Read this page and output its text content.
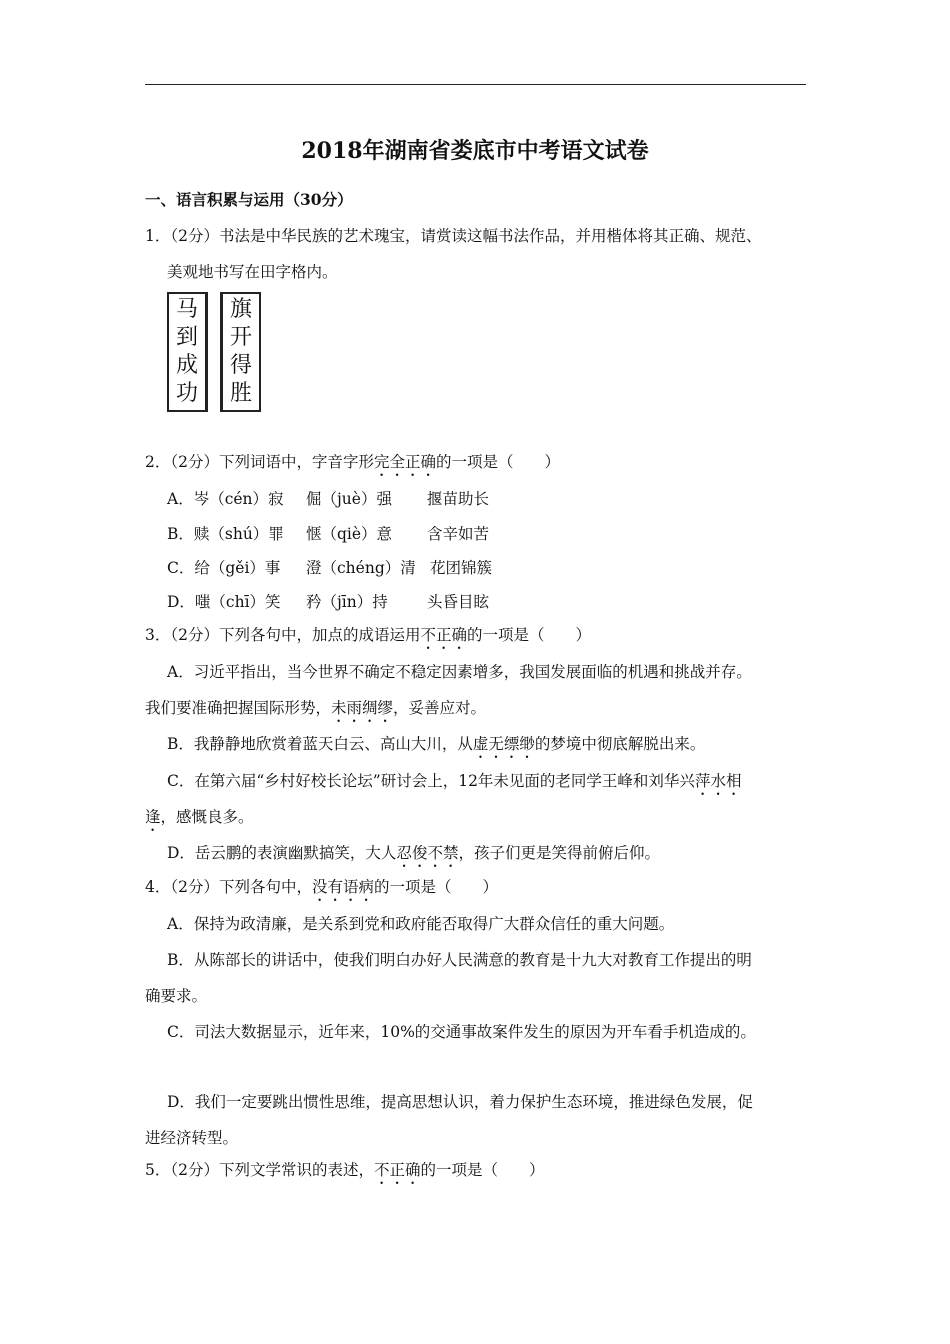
2018年湖南省娄底市中考语文试卷
一、语言积累与运用（30分）
1．（2分）书法是中华民族的艺术瑰宝，请赏读这幅书法作品，并用楷体将其正确、规范、
美观地书写在田字格内。
马
到
成
功
旗
开
得
胜
2．（2分）下列词语中，字音字形完全正确的一项是（　　）
A．岑（cén）寂 倔（juè）强 揠苗助长
B．赎（shú）罪 惬（qiè）意 含辛如苦
C．给（gěi）事 澄（chéng）清 花团锦簇
D．嗤（chī）笑 矜（jīn）持	头昏目眩
3．（2分）下列各句中，加点的成语运用不正确的一项是（　　）
A．习近平指出，当今世界不确定不稳定因素增多，我国发展面临的机遇和挑战并存。
我们要准确把握国际形势，未雨绸缪，妥善应对。
B．我静静地欣赏着蓝天白云、高山大川，从虚无缥缈的梦境中彻底解脱出来。
C．在第六届“乡村好校长论坛”研讨会上，12年未见面的老同学王峰和刘华兴萍水相
逢，感慨良多。
D．岳云鹏的表演幽默搞笑，大人忍俊不禁，孩子们更是笑得前俯后仰。
4．（2分）下列各句中，没有语病的一项是（　　）
A．保持为政清廉，是关系到党和政府能否取得广大群众信任的重大问题。
B．从陈部长的讲话中，使我们明白办好人民满意的教育是十九大对教育工作提出的明
确要求。
C．司法大数据显示，近年来，10%的交通事故案件发生的原因为开车看手机造成的。
D．我们一定要跳出惯性思维，提高思想认识，着力保护生态环境，推进绿色发展，促
进经济转型。
5．（2分）下列文学常识的表述，不正确的一项是（　　）
